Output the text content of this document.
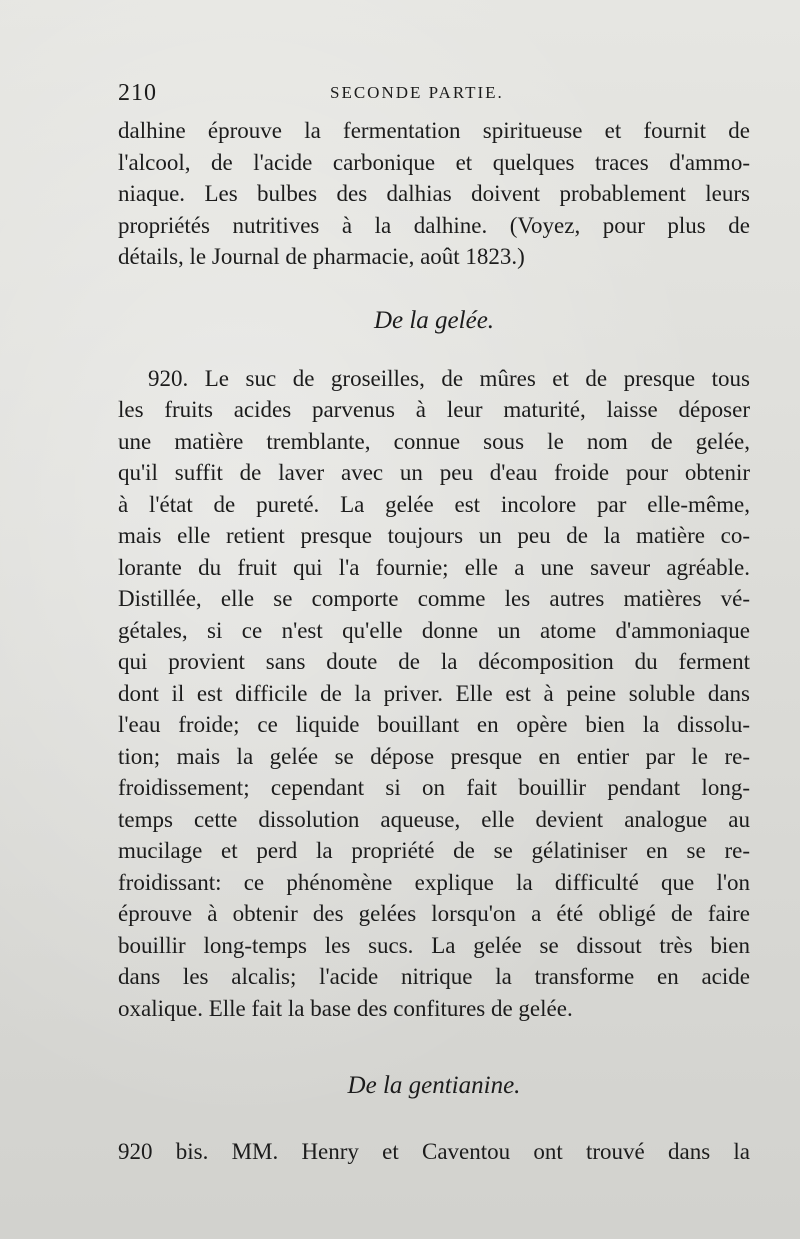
210	SECONDE PARTIE.
dalhine éprouve la fermentation spiritueuse et fournit de
l'alcool, de l'acide carbonique et quelques traces d'ammo-
niaque. Les bulbes des dalhias doivent probablement leurs
propriétés nutritives à la dalhine. (Voyez, pour plus de
détails, le Journal de pharmacie, août 1823.)
De la gelée.
920. Le suc de groseilles, de mûres et de presque tous
les fruits acides parvenus à leur maturité, laisse déposer
une matière tremblante, connue sous le nom de gelée,
qu'il suffit de laver avec un peu d'eau froide pour obtenir
à l'état de pureté. La gelée est incolore par elle-même,
mais elle retient presque toujours un peu de la matière co-
lorante du fruit qui l'a fournie; elle a une saveur agréable.
Distillée, elle se comporte comme les autres matières vé-
gétales, si ce n'est qu'elle donne un atome d'ammoniaque
qui provient sans doute de la décomposition du ferment
dont il est difficile de la priver. Elle est à peine soluble dans
l'eau froide; ce liquide bouillant en opère bien la dissolu-
tion; mais la gelée se dépose presque en entier par le re-
froidissement; cependant si on fait bouillir pendant long-
temps cette dissolution aqueuse, elle devient analogue au
mucilage et perd la propriété de se gélatiniser en se re-
froidissant: ce phénomène explique la difficulté que l'on
éprouve à obtenir des gelées lorsqu'on a été obligé de faire
bouillir long-temps les sucs. La gelée se dissout très bien
dans les alcalis; l'acide nitrique la transforme en acide
oxalique. Elle fait la base des confitures de gelée.
De la gentianine.
920 bis. MM. Henry et Caventou ont trouvé dans la
